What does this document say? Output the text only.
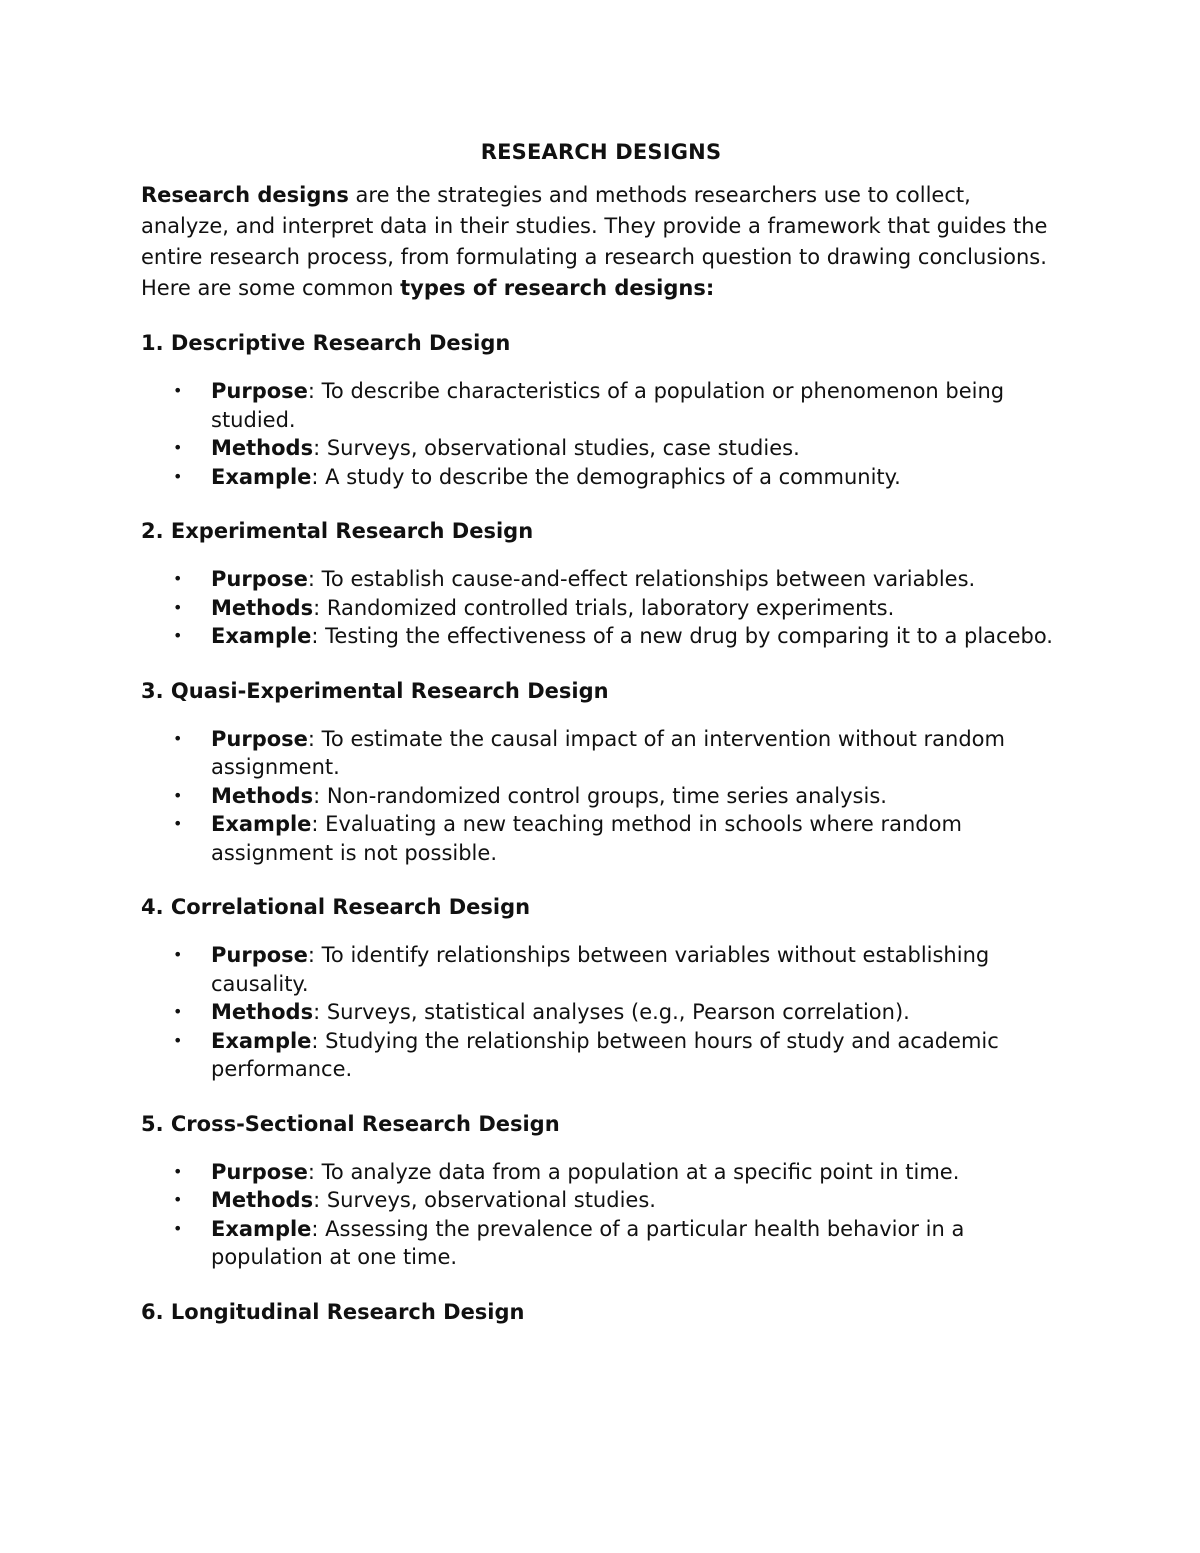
RESEARCH DESIGNS

Research designs are the strategies and methods researchers use to collect, analyze, and interpret data in their studies. They provide a framework that guides the entire research process, from formulating a research question to drawing conclusions. Here are some common types of research designs:

1. Descriptive Research Design
• Purpose: To describe characteristics of a population or phenomenon being studied.
• Methods: Surveys, observational studies, case studies.
• Example: A study to describe the demographics of a community.
2. Experimental Research Design
• Purpose: To establish cause-and-effect relationships between variables.
• Methods: Randomized controlled trials, laboratory experiments.
• Example: Testing the effectiveness of a new drug by comparing it to a placebo.
3. Quasi-Experimental Research Design
• Purpose: To estimate the causal impact of an intervention without random assignment.
• Methods: Non-randomized control groups, time series analysis.
• Example: Evaluating a new teaching method in schools where random assignment is not possible.
4. Correlational Research Design
• Purpose: To identify relationships between variables without establishing causality.
• Methods: Surveys, statistical analyses (e.g., Pearson correlation).
• Example: Studying the relationship between hours of study and academic performance.
5. Cross-Sectional Research Design
• Purpose: To analyze data from a population at a specific point in time.
• Methods: Surveys, observational studies.
• Example: Assessing the prevalence of a particular health behavior in a population at one time.
6. Longitudinal Research Design
